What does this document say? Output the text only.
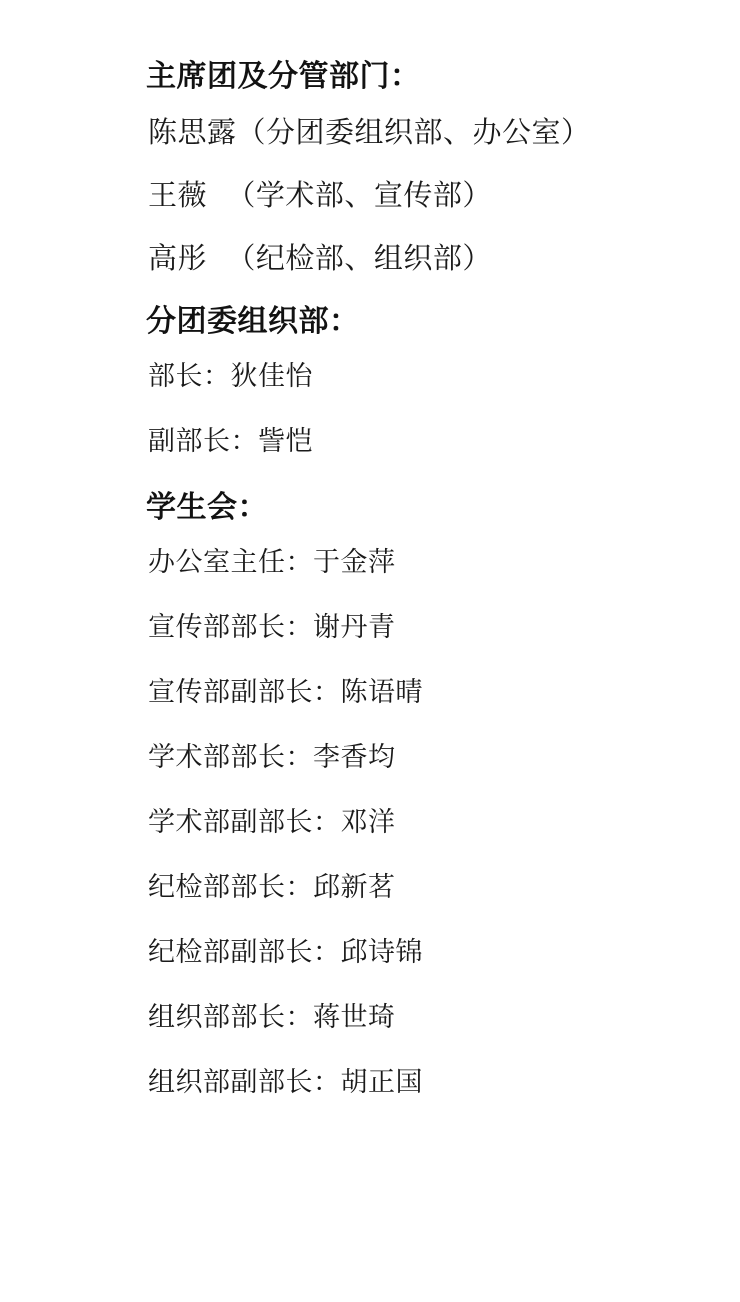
主席团及分管部门：
陈思露（分团委组织部、办公室）
王薇  （学术部、宣传部）
高彤  （纪检部、组织部）
分团委组织部：
部长：狄佳怡
副部长：訾恺
学生会：
办公室主任：于金萍
宣传部部长：谢丹青
宣传部副部长：陈语晴
学术部部长：李香均
学术部副部长：邓洋
纪检部部长：邱新茗
纪检部副部长：邱诗锦
组织部部长：蒋世琦
组织部副部长：胡正国
